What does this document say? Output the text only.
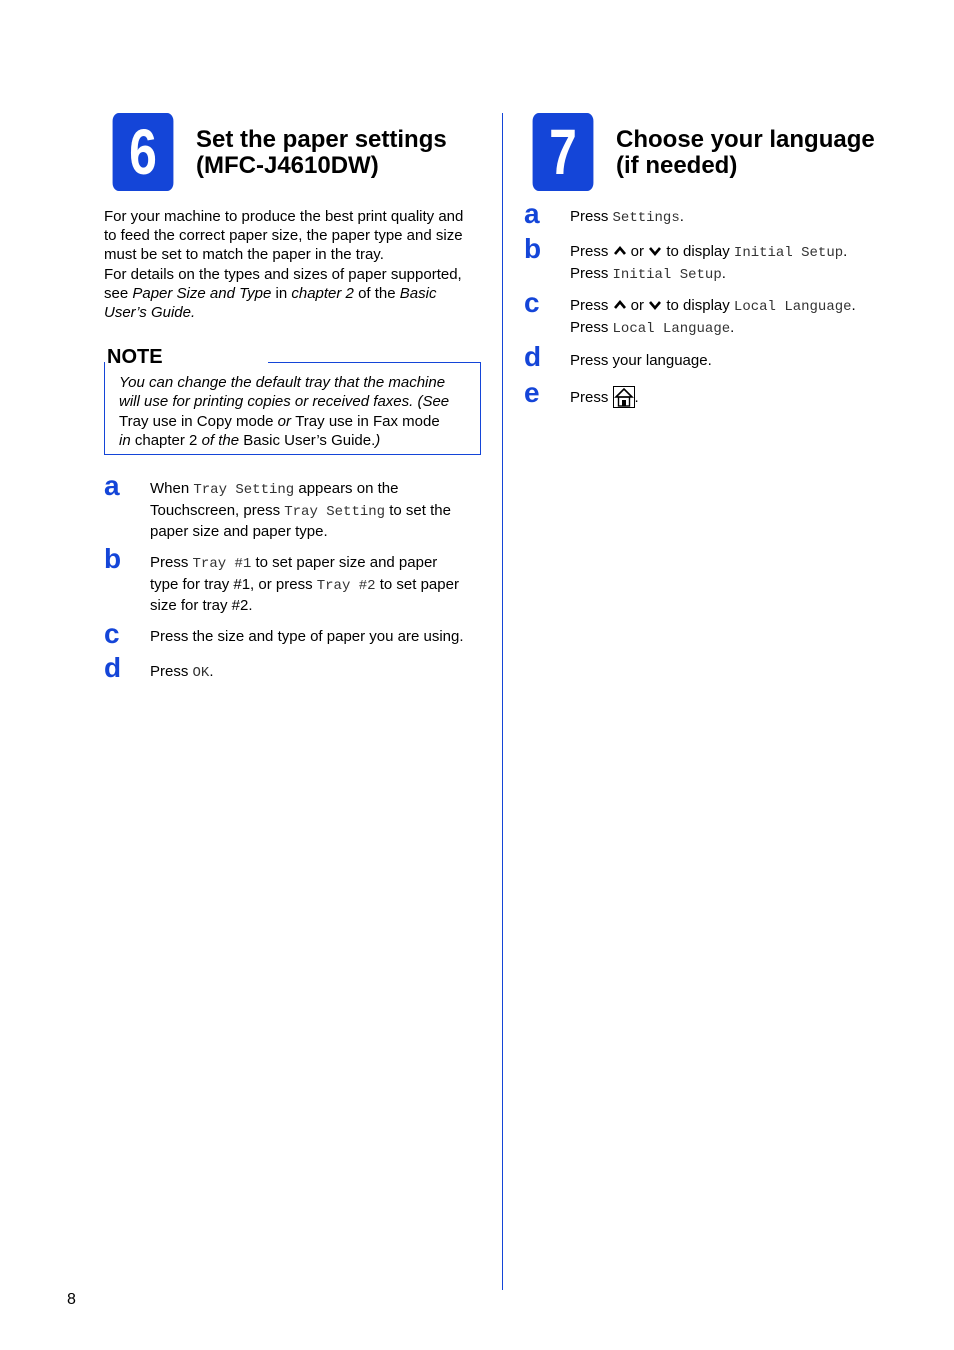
6 Set the paper settings
(MFC-J4610DW)
For your machine to produce the best print quality and
to feed the correct paper size, the paper type and size
must be set to match the paper in the tray.
For details on the types and sizes of paper supported,
see Paper Size and Type in chapter 2 of the Basic
User’s Guide.
NOTE
You can change the default tray that the machine
will use for printing copies or received faxes. (See
Tray use in Copy mode or Tray use in Fax mode
in chapter 2 of the Basic User’s Guide.)
a When Tray Setting appears on the
Touchscreen, press Tray Setting to set the
paper size and paper type.
b Press Tray #1 to set paper size and paper
type for tray #1, or press Tray #2 to set paper
size for tray #2.
c Press the size and type of paper you are using.
d Press OK.
7 Choose your language
(if needed)
a Press Settings.
b Press  or  to display Initial Setup.
Press Initial Setup.
c Press  or  to display Local Language.
Press Local Language.
d Press your language.
e Press .
8
